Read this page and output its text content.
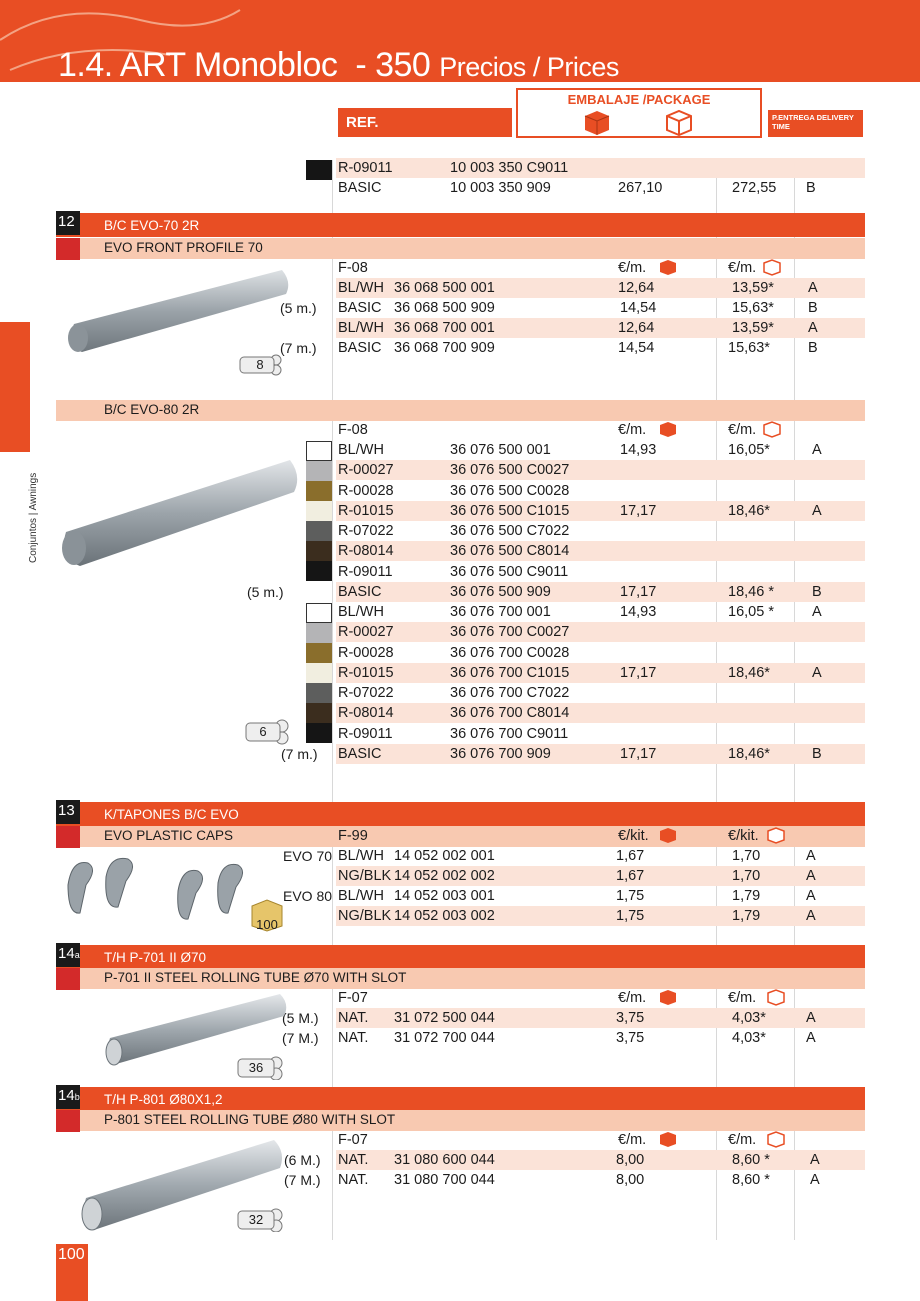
1.4. ART Monobloc - 350 Precios / Prices
REF.
EMBALAJE /PACKAGE
P.ENTREGA DELIVERY TIME
Conjuntos | Awnings
R-09011	10 003 350 C9011
BASIC	10 003 350 909	267,10	272,55 B
12	B/C EVO-70 2R
EVO FRONT PROFILE 70
F-08	€/m.	€/m.
BL/WH 36 068 500 001	12,64	13,59* A
BASIC 36 068 500 909	14,54	15,63* B
BL/WH 36 068 700 001	12,64	13,59* A
BASIC 36 068 700 909	14,54	15,63*	B
(5 m.)
(7 m.)
8
B/C EVO-80 2R
F-08	€/m.	€/m.
BL/WH	36 076 500 001	14,93	16,05*	A
R-00027	36 076 500 C0027
R-00028	36 076 500 C0028
R-01015	36 076 500 C1015	17,17	18,46*	A
R-07022	36 076 500 C7022
R-08014	36 076 500 C8014
R-09011	36 076 500 C9011
BASIC	36 076 500 909	17,17	18,46 *	B
BL/WH	36 076 700 001	14,93	16,05 *	A
R-00027	36 076 700 C0027
R-00028	36 076 700 C0028
R-01015	36 076 700 C1015	17,17	18,46*	A
R-07022	36 076 700 C7022
R-08014	36 076 700 C8014
R-09011	36 076 700 C9011
BASIC	36 076 700 909	17,17	18,46*	B
(5 m.)
(7 m.)
6
13	K/TAPONES B/C EVO
EVO PLASTIC CAPS	F-99	€/kit.	€/kit.
BL/WH 14 052 002 001	1,67	1,70	A
NG/BLK 14 052 002 002	1,67	1,70	A
BL/WH 14 052 003 001	1,75	1,79	A
NG/BLK 14 052 003 002	1,75	1,79	A
EVO 70
EVO 80
100
14a T/H P-701 II Ø70
P-701 II STEEL ROLLING TUBE Ø70 WITH SLOT
F-07	€/m.	€/m.
NAT. 31 072 500 044	3,75	4,03*	A
NAT. 31 072 700 044	3,75	4,03*	A
(5 M.)
(7 M.)
36
14b T/H P-801 Ø80X1,2
P-801 STEEL ROLLING TUBE Ø80 WITH SLOT
F-07	€/m.	€/m.
NAT. 31 080 600 044	8,00	8,60 *	A
NAT. 31 080 700 044	8,00	8,60 *	A
(6 M.)
(7 M.)
32
100
